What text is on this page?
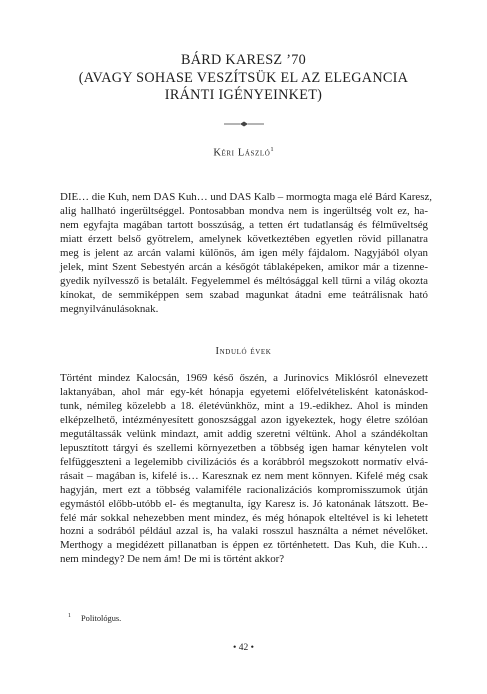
BÁRD KARESZ ’70
(AVAGY SOHASE VESZÍTSÜK EL AZ ELEGANCIA
IRÁNTI IGÉNYEINKET)
Kéri László$^1$
DIE… die Kuh, nem DAS Kuh… und DAS Kalb – mormogta maga elé Bárd Karesz,
alig hallható ingerültséggel. Pontosabban mondva nem is ingerültség volt ez, ha-
nem egyfajta magában tartott bosszúság, a tetten ért tudatlanság és félműveltség
miatt érzett belső gyötrelem, amelynek következtében egyetlen rövid pillanatra
meg is jelent az arcán valami különös, ám igen mély fájdalom. Nagyjából olyan
jelek, mint Szent Sebestyén arcán a későgót táblaképeken, amikor már a tizenne-
gyedik nyílvessző is betalált. Fegyelemmel és méltósággal kell tűrni a világ okozta
kínokat, de semmiképpen sem szabad magunkat átadni eme teátrálisnak ható
megnyilvánulásoknak.
Induló évek
Történt mindez Kalocsán, 1969 késő őszén, a Jurinovics Miklósról elnevezett
laktanyában, ahol már egy-két hónapja egyetemi előfelvételisként katonáskod-
tunk, némileg közelebb a 18. életévünkhöz, mint a 19.-edikhez. Ahol is minden
elképzelhető, intézményesített gonoszsággal azon igyekeztek, hogy életre szólóan
megutáltassák velünk mindazt, amit addig szeretni véltünk. Ahol a szándékoltan
lepusztított tárgyi és szellemi környezetben a többség igen hamar kénytelen volt
felfüggeszteni a legelemibb civilizációs és a korábbról megszokott normatív elvá-
rásait – magában is, kifelé is… Karesznak ez nem ment könnyen. Kifelé még csak
hagyján, mert ezt a többség valamiféle racionalizációs kompromisszumok útján
egymástól előbb-utóbb el- és megtanulta, így Karesz is. Jó katonának látszott. Be-
felé már sokkal nehezebben ment mindez, és még hónapok elteltével is ki lehetett
hozni a sodrából például azzal is, ha valaki rosszul használta a német névelőket.
Merthogy a megidézett pillanatban is éppen ez történhetett. Das Kuh, die Kuh…
nem mindegy? De nem ám! De mi is történt akkor?
$^1$ Politológus.
• 42 •
